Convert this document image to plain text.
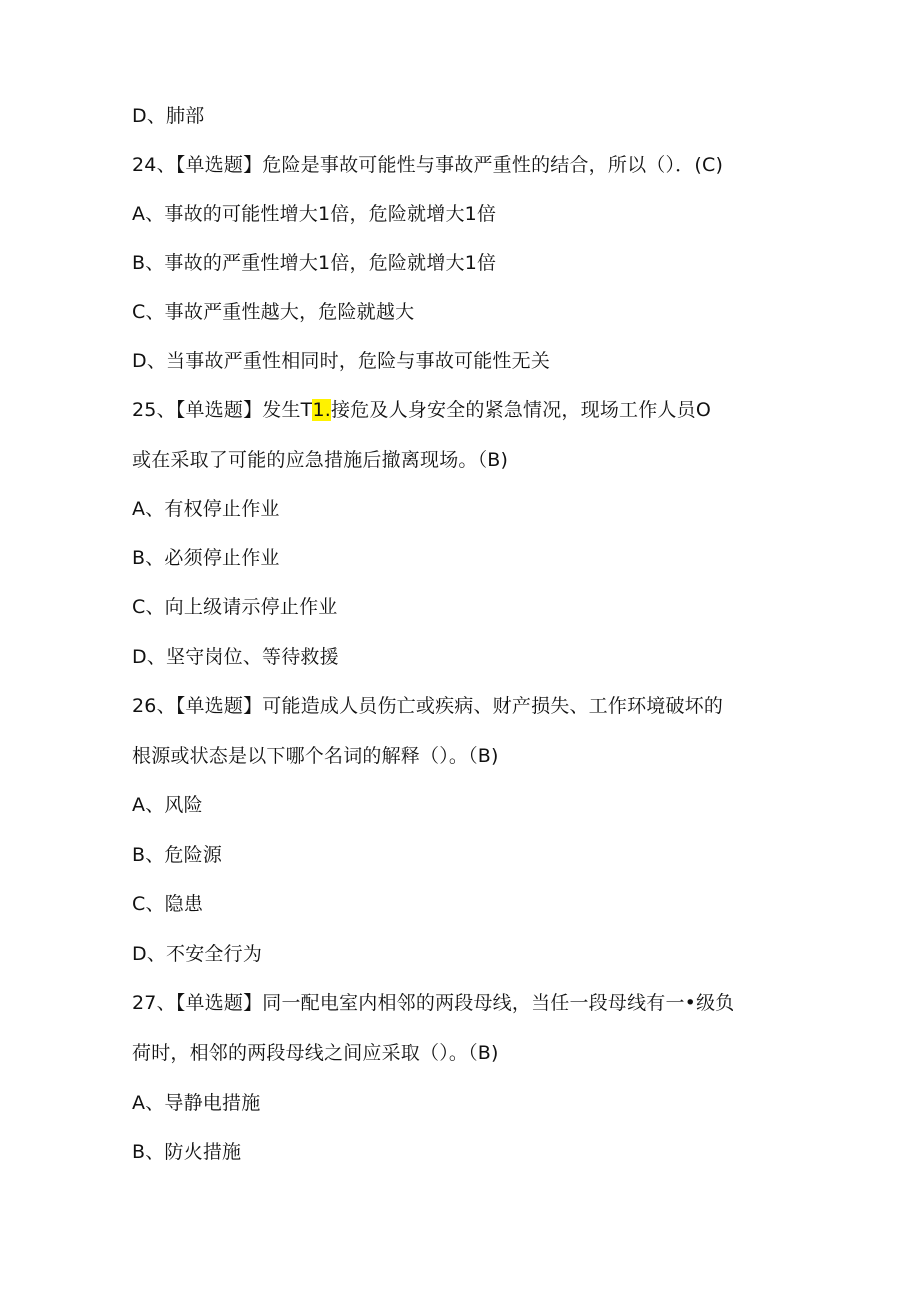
D、肺部

24、【单选题】危险是事故可能性与事故严重性的结合，所以（）．(C)

A、事故的可能性增大1倍，危险就增大1倍

B、事故的严重性增大1倍，危险就增大1倍

C、事故严重性越大，危险就越大

D、当事故严重性相同时，危险与事故可能性无关

25、【单选题】发生T1.接危及人身安全的紧急情况，现场工作人员O

或在采取了可能的应急措施后撤离现场。（B)

A、有权停止作业

B、必须停止作业

C、向上级请示停止作业

D、坚守岗位、等待救援

26、【单选题】可能造成人员伤亡或疾病、财产损失、工作环境破坏的

根源或状态是以下哪个名词的解释（）。（B)

A、风险

B、危险源

C、隐患

D、不安全行为

27、【单选题】同一配电室内相邻的两段母线，当任一段母线有一•级负

荷时，相邻的两段母线之间应采取（）。（B)

A、导静电措施

B、防火措施
